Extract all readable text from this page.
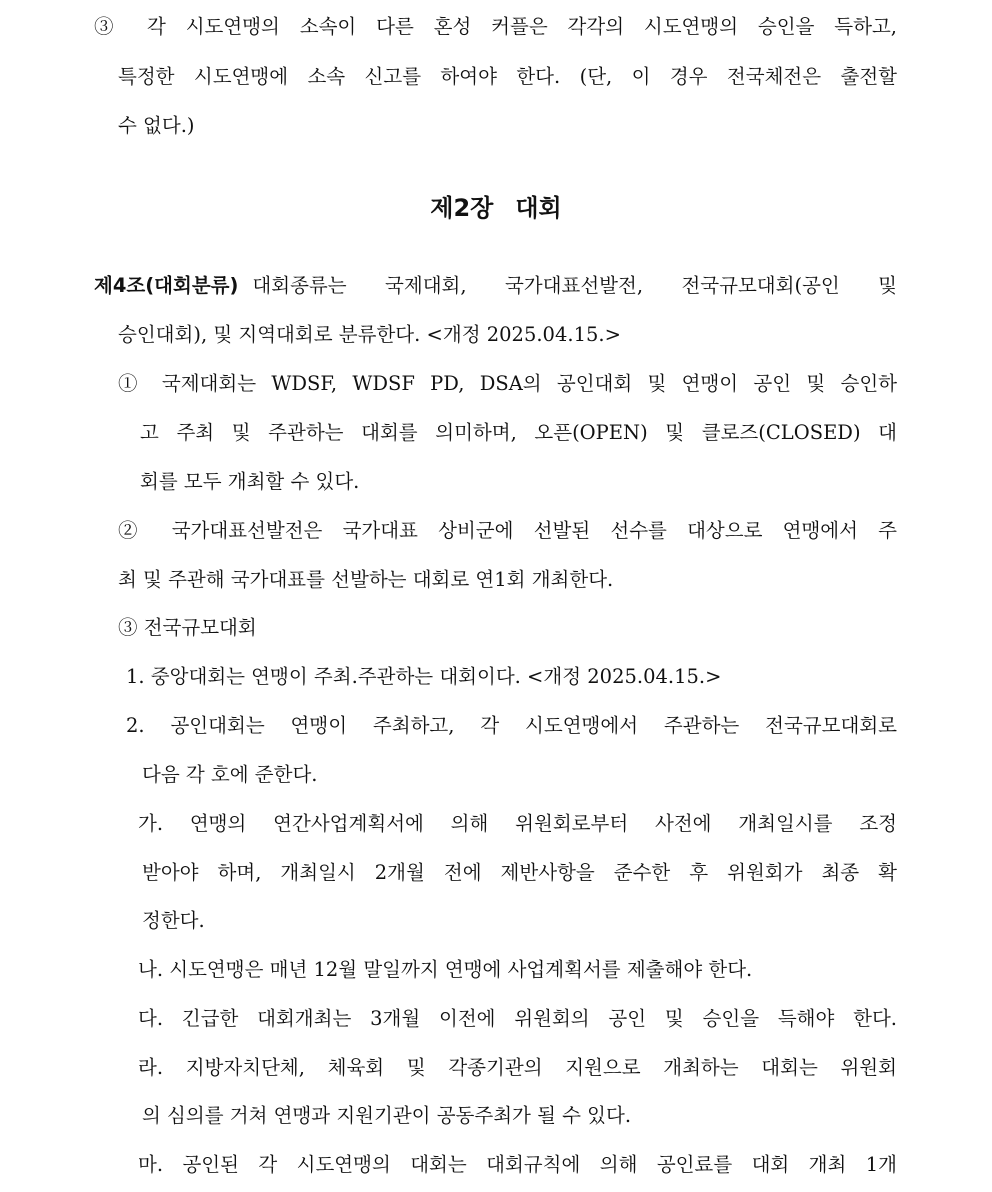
③ 각 시도연맹의 소속이 다른 혼성 커플은 각각의 시도연맹의 승인을 득하고,
특정한 시도연맹에 소속 신고를 하여야 한다. (단, 이 경우 전국체전은 출전할
수 없다.)
제2장 대회
제4조(대회분류) 대회종류는 국제대회, 국가대표선발전, 전국규모대회(공인 및
승인대회), 및 지역대회로 분류한다. <개정 2025.04.15.>
① 국제대회는 WDSF, WDSF PD, DSA의 공인대회 및 연맹이 공인 및 승인하
고 주최 및 주관하는 대회를 의미하며, 오픈(OPEN) 및 클로즈(CLOSED) 대
회를 모두 개최할 수 있다.
② 국가대표선발전은 국가대표 상비군에 선발된 선수를 대상으로 연맹에서 주
최 및 주관해 국가대표를 선발하는 대회로 연1회 개최한다.
③ 전국규모대회
1. 중앙대회는 연맹이 주최.주관하는 대회이다. <개정 2025.04.15.>
2. 공인대회는 연맹이 주최하고, 각 시도연맹에서 주관하는 전국규모대회로
다음 각 호에 준한다.
가. 연맹의 연간사업계획서에 의해 위원회로부터 사전에 개최일시를 조정
받아야 하며, 개최일시 2개월 전에 제반사항을 준수한 후 위원회가 최종 확
정한다.
나. 시도연맹은 매년 12월 말일까지 연맹에 사업계획서를 제출해야 한다.
다. 긴급한 대회개최는 3개월 이전에 위원회의 공인 및 승인을 득해야 한다.
라. 지방자치단체, 체육회 및 각종기관의 지원으로 개최하는 대회는 위원회
의 심의를 거쳐 연맹과 지원기관이 공동주최가 될 수 있다.
마. 공인된 각 시도연맹의 대회는 대회규칙에 의해 공인료를 대회 개최 1개
